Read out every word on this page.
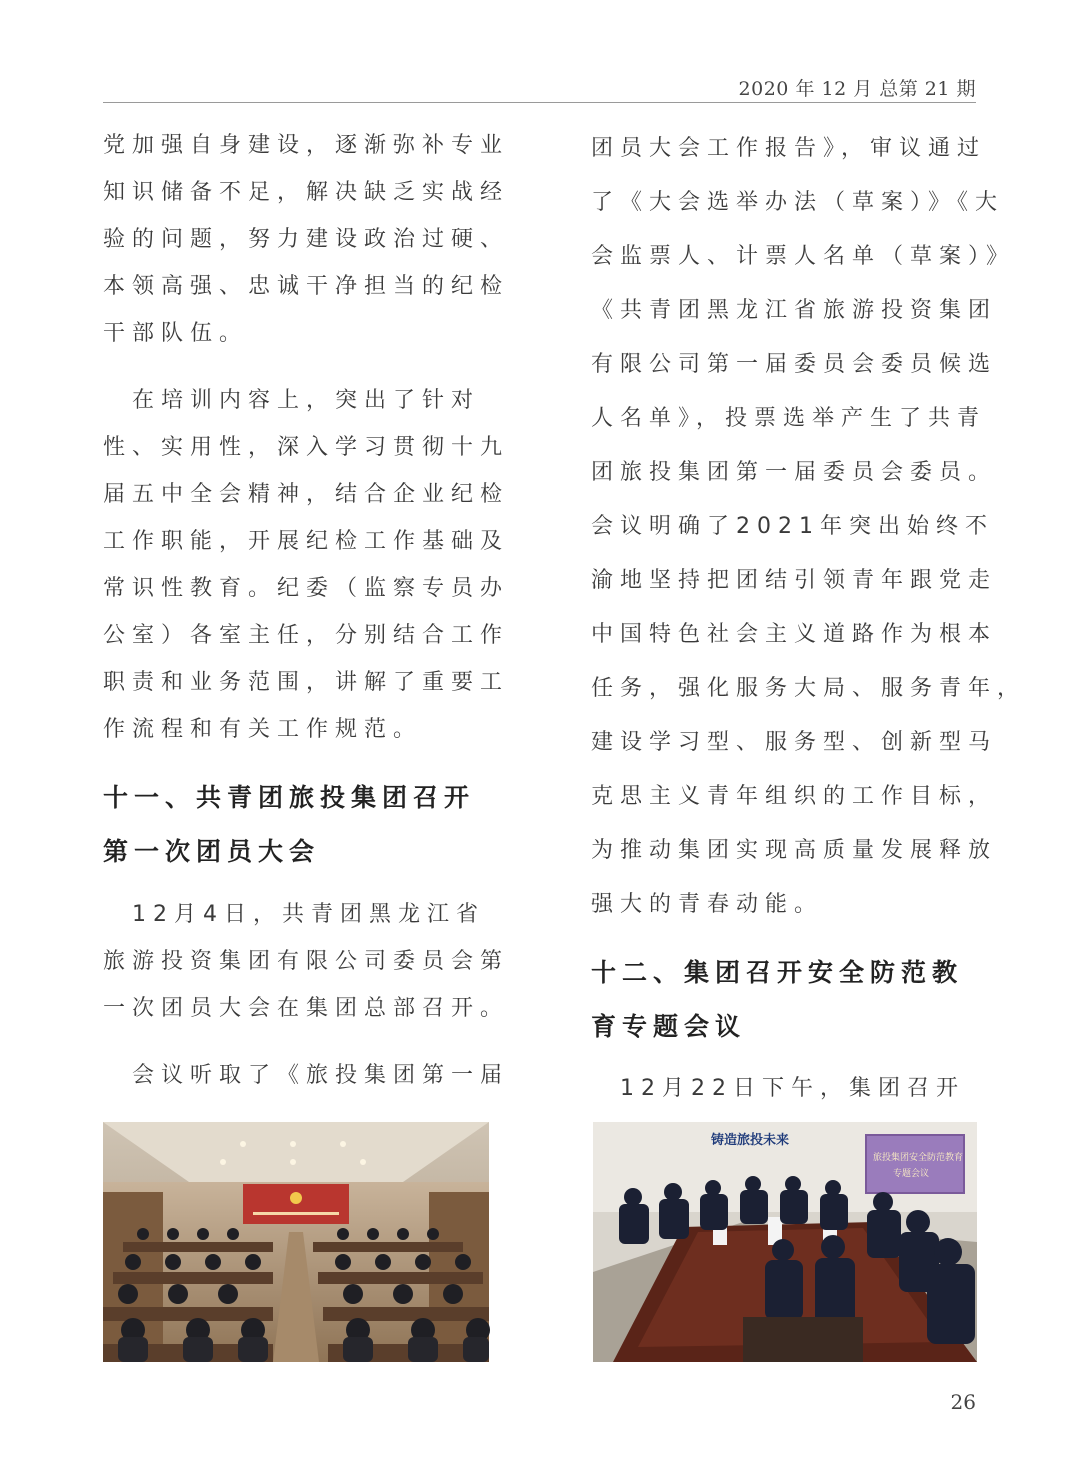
2020 年 12 月 总第 21 期
党加强自身建设，逐渐弥补专业
知识储备不足，解决缺乏实战经
验的问题，努力建设政治过硬、
本领高强、忠诚干净担当的纪检
干部队伍。
　在培训内容上，突出了针对
性、实用性，深入学习贯彻十九
届五中全会精神，结合企业纪检
工作职能，开展纪检工作基础及
常识性教育。纪委（监察专员办
公室）各室主任，分别结合工作
职责和业务范围，讲解了重要工
作流程和有关工作规范。
十一、共青团旅投集团召开
第一次团员大会
　12月4日，共青团黑龙江省
旅游投资集团有限公司委员会第
一次团员大会在集团总部召开。
　会议听取了《旅投集团第一届
团员大会工作报告》，审议通过
了《大会选举办法（草案）》《大
会监票人、计票人名单（草案）》
《共青团黑龙江省旅游投资集团
有限公司第一届委员会委员候选
人名单》，投票选举产生了共青
团旅投集团第一届委员会委员。
会议明确了2021年突出始终不
渝地坚持把团结引领青年跟党走
中国特色社会主义道路作为根本
任务，强化服务大局、服务青年，
建设学习型、服务型、创新型马
克思主义青年组织的工作目标，
为推动集团实现高质量发展释放
强大的青春动能。
十二、集团召开安全防范教
育专题会议
　12月22日下午，集团召开
铸造旅投未来
旅投集团安全防范教育
专题会议
26
